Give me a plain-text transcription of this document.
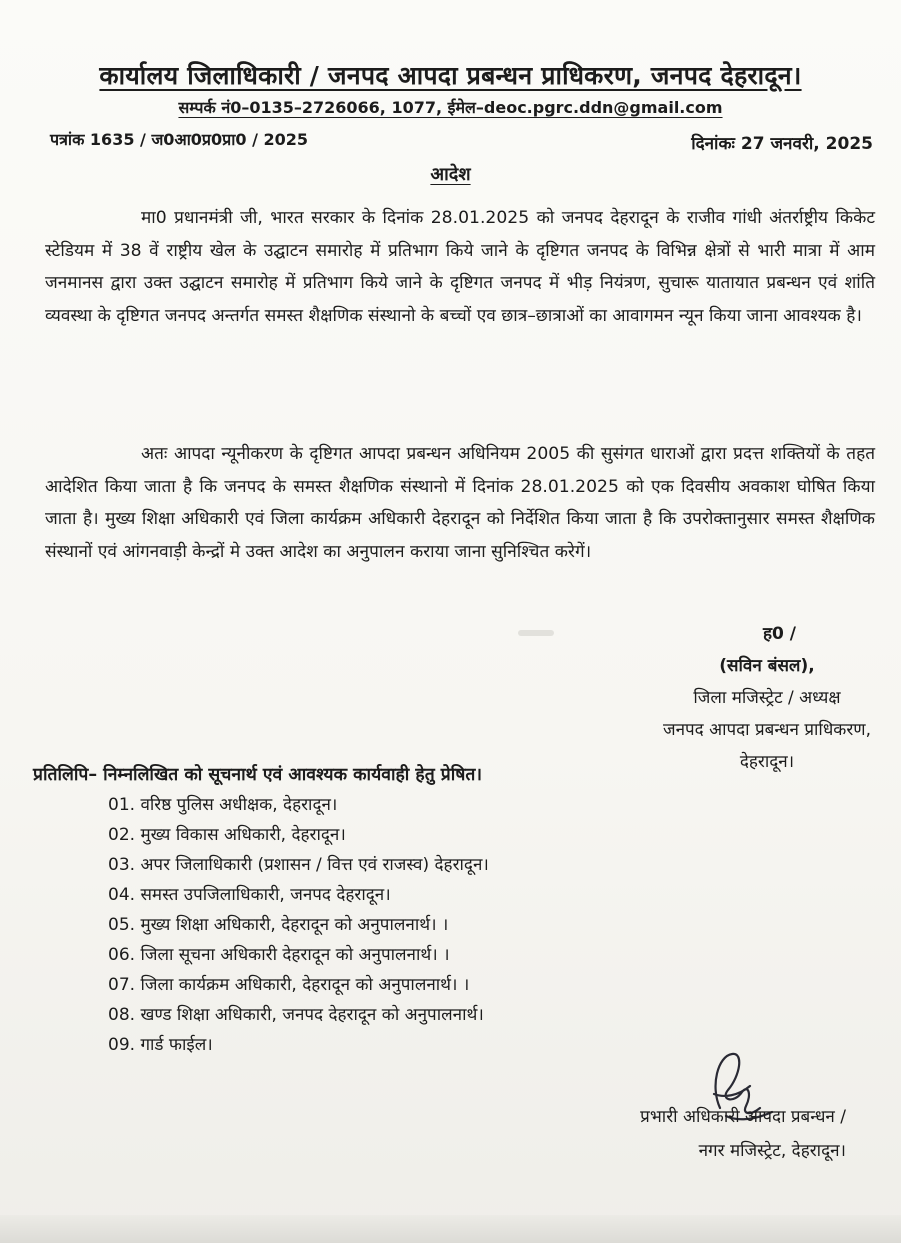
कार्यालय जिलाधिकारी / जनपद आपदा प्रबन्धन प्राधिकरण, जनपद देहरादून।
सम्पर्क नं0–0135–2726066, 1077, ईमेल–deoc.pgrc.ddn@gmail.com
पत्रांक 1635 / ज0आ0प्र0प्रा0 / 2025	दिनांकः 27 जनवरी, 2025
आदेश

मा0 प्रधानमंत्री जी, भारत सरकार के दिनांक 28.01.2025 को जनपद देहरादून के राजीव गांधी अंतर्राष्ट्रीय किकेट स्टेडियम में 38 वें राष्ट्रीय खेल के उद्घाटन समारोह में प्रतिभाग किये जाने के दृष्टिगत जनपद के विभिन्न क्षेत्रों से भारी मात्रा में आम जनमानस द्वारा उक्त उद्घाटन समारोह में प्रतिभाग किये जाने के दृष्टिगत जनपद में भीड़ नियंत्रण, सुचारू यातायात प्रबन्धन एवं शांति व्यवस्था के दृष्टिगत जनपद अन्तर्गत समस्त शैक्षणिक संस्थानो के बच्चों एव छात्र–छात्राओं का आवागमन न्यून किया जाना आवश्यक है।

अतः आपदा न्यूनीकरण के दृष्टिगत आपदा प्रबन्धन अधिनियम 2005 की सुसंगत धाराओं द्वारा प्रदत्त शक्तियों के तहत आदेशित किया जाता है कि जनपद के समस्त शैक्षणिक संस्थानो में दिनांक 28.01.2025 को एक दिवसीय अवकाश घोषित किया जाता है। मुख्य शिक्षा अधिकारी एवं जिला कार्यक्रम अधिकारी देहरादून को निर्देशित किया जाता है कि उपरोक्तानुसार समस्त शैक्षणिक संस्थानों एवं आंगनवाड़ी केन्द्रों मे उक्त आदेश का अनुपालन कराया जाना सुनिश्चित करेगें।

ह0 /
(सविन बंसल),
जिला मजिस्ट्रेट / अध्यक्ष
जनपद आपदा प्रबन्धन प्राधिकरण,
देहरादून।
प्रतिलिपि– निम्नलिखित को सूचनार्थ एवं आवश्यक कार्यवाही हेतु प्रेषित।
01. वरिष्ठ पुलिस अधीक्षक, देहरादून।
02. मुख्य विकास अधिकारी, देहरादून।
03. अपर जिलाधिकारी (प्रशासन / वित्त एवं राजस्व) देहरादून।
04. समस्त उपजिलाधिकारी, जनपद देहरादून।
05. मुख्य शिक्षा अधिकारी, देहरादून को अनुपालनार्थ। ।
06. जिला सूचना अधिकारी देहरादून को अनुपालनार्थ। ।
07. जिला कार्यक्रम अधिकारी, देहरादून को अनुपालनार्थ। ।
08. खण्ड शिक्षा अधिकारी, जनपद देहरादून को अनुपालनार्थ।
09. गार्ड फाईल।
प्रभारी अधिकारी आपदा प्रबन्धन /
नगर मजिस्ट्रेट, देहरादून।
